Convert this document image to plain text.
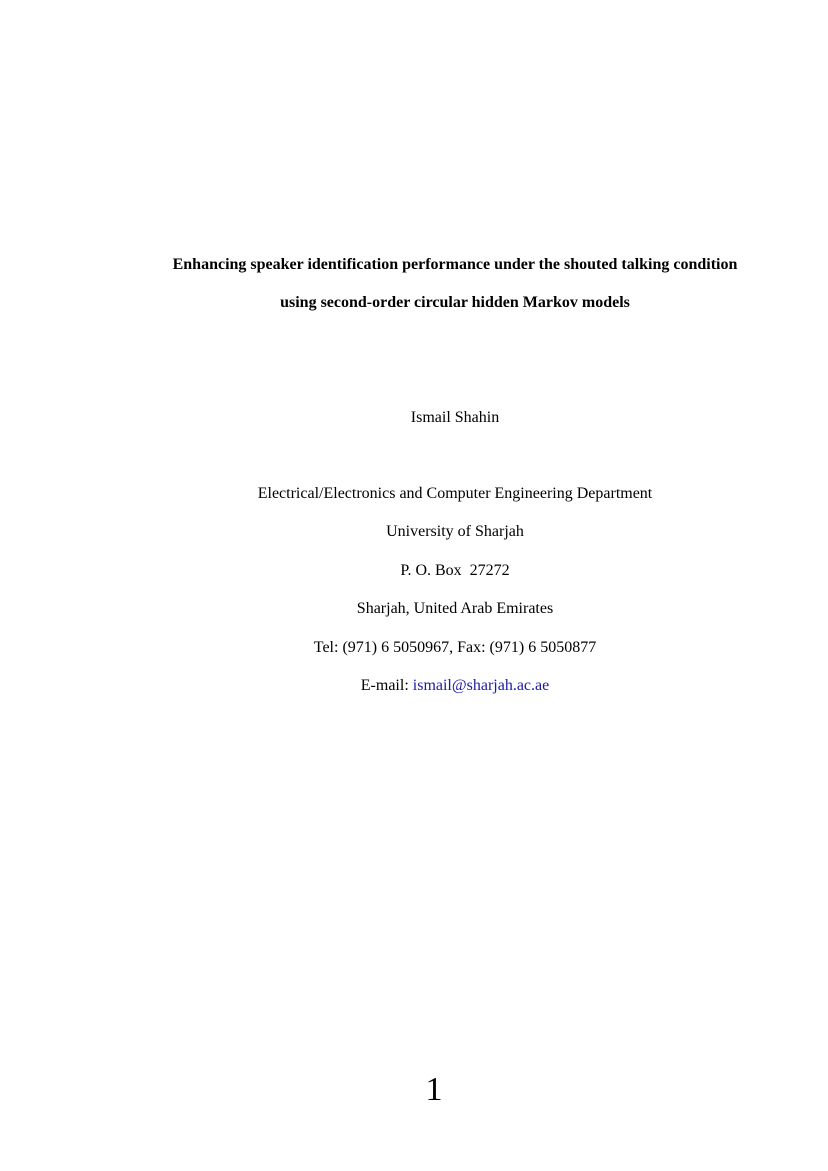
Enhancing speaker identification performance under the shouted talking condition
using second-order circular hidden Markov models
Ismail Shahin
Electrical/Electronics and Computer Engineering Department
University of Sharjah
P. O. Box  27272
Sharjah, United Arab Emirates
Tel: (971) 6 5050967, Fax: (971) 6 5050877
E-mail: ismail@sharjah.ac.ae
1
